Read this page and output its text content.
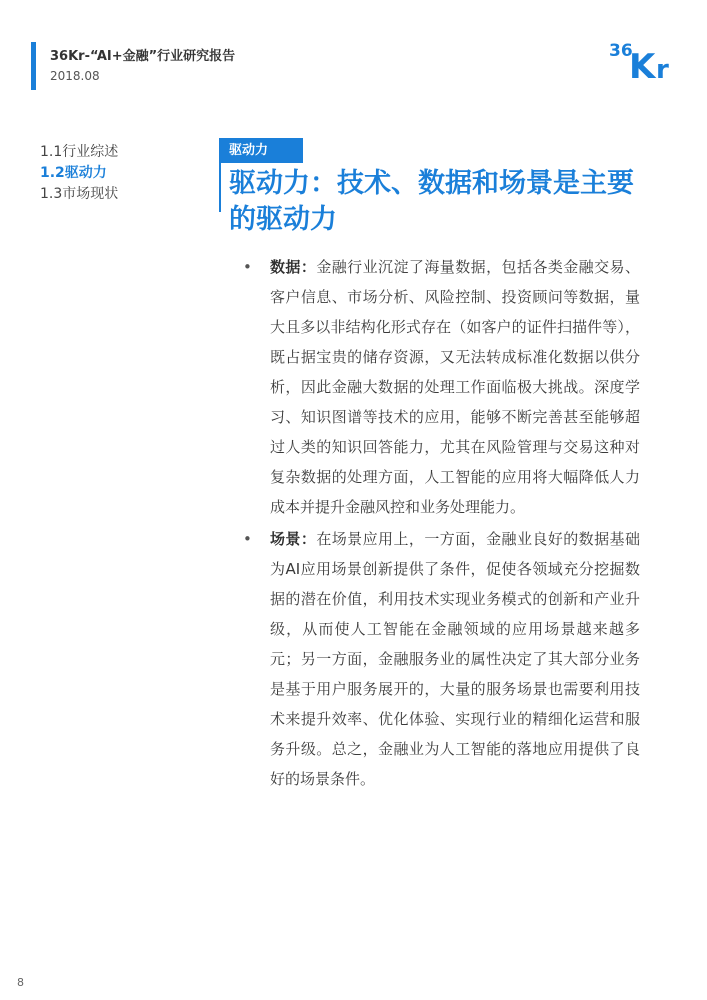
36Kr-“AI+金融”行业研究报告
2018.08
36
K r
1.1行业综述
1.2驱动力
1.3市场现状
驱动力
驱动力：技术、数据和场景是主要的驱动力
• 数据：金融行业沉淀了海量数据，包括各类金融交易、客户信息、市场分析、风险控制、投资顾问等数据，量大且多以非结构化形式存在（如客户的证件扫描件等），既占据宝贵的储存资源，又无法转成标准化数据以供分析，因此金融大数据的处理工作面临极大挑战。深度学习、知识图谱等技术的应用，能够不断完善甚至能够超过人类的知识回答能力，尤其在风险管理与交易这种对复杂数据的处理方面，人工智能的应用将大幅降低人力成本并提升金融风控和业务处理能力。
• 场景：在场景应用上，一方面，金融业良好的数据基础为AI应用场景创新提供了条件，促使各领域充分挖掘数据的潜在价值，利用技术实现业务模式的创新和产业升级，从而使人工智能在金融领域的应用场景越来越多元；另一方面，金融服务业的属性决定了其大部分业务是基于用户服务展开的，大量的服务场景也需要利用技术来提升效率、优化体验、实现行业的精细化运营和服务升级。总之，金融业为人工智能的落地应用提供了良好的场景条件。
8
